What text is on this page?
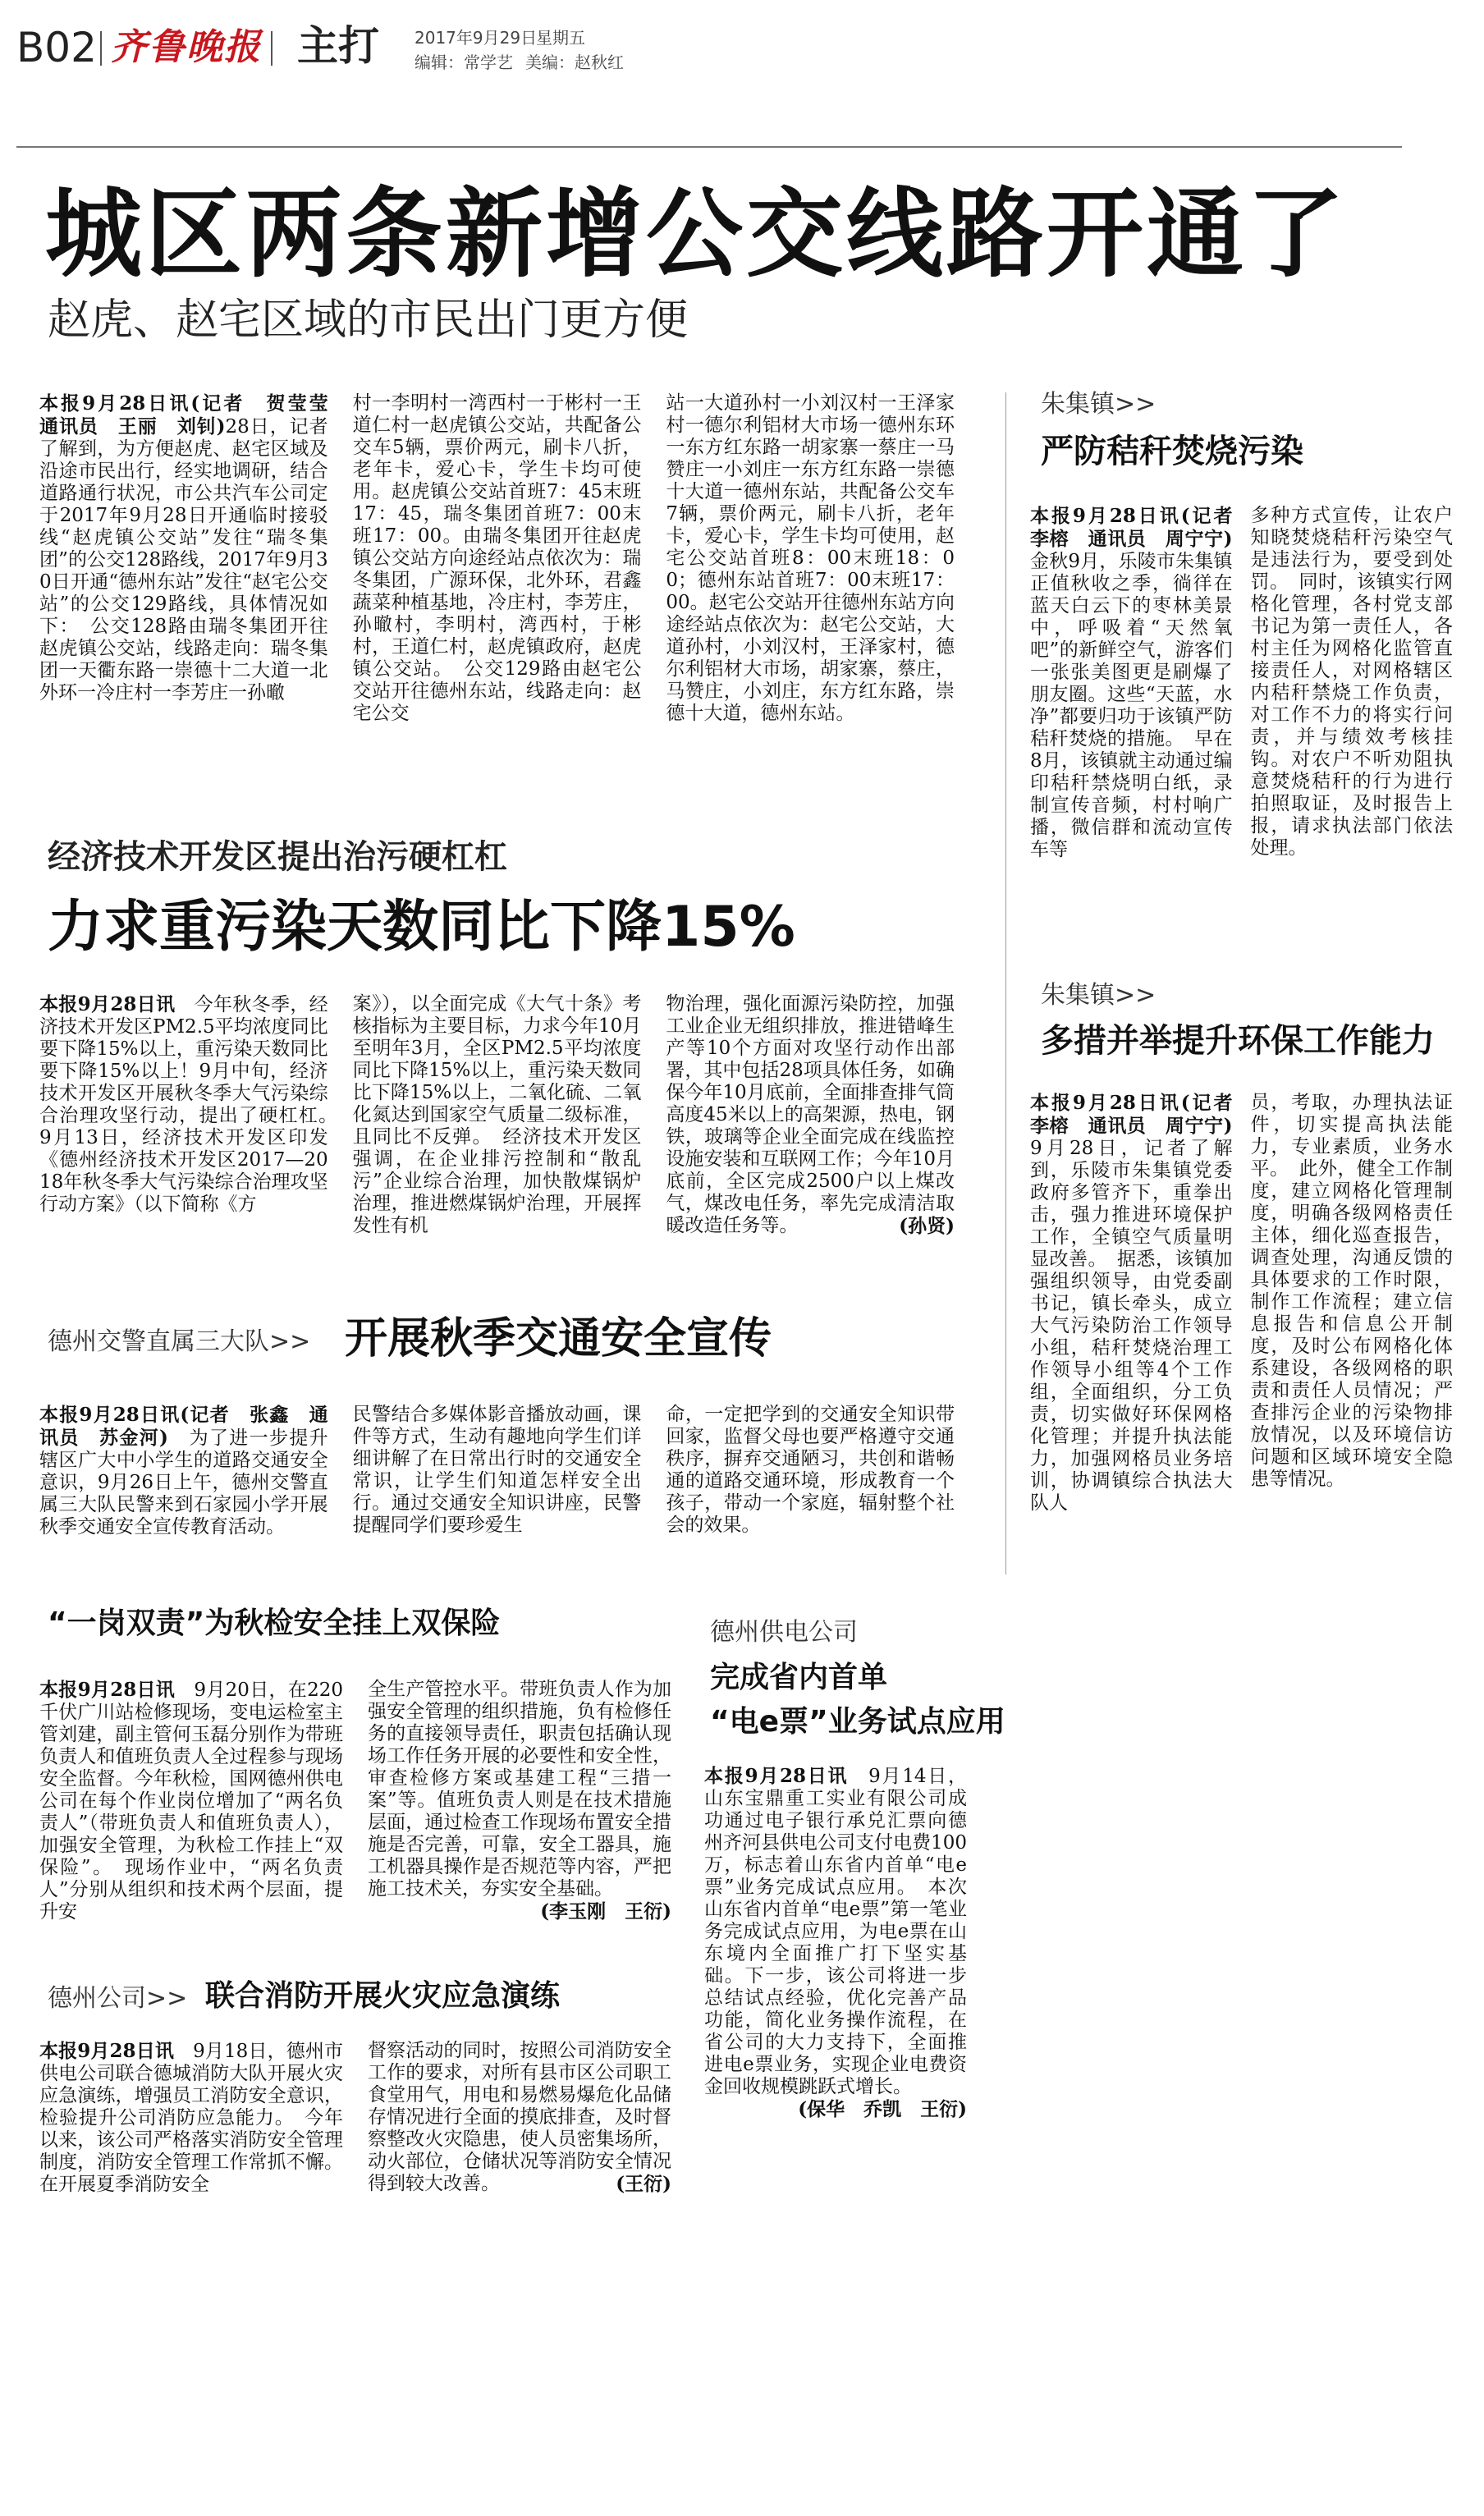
B02 齐鲁晚报 主打 2017年9月29日
星期五
编辑：常学艺 美编：赵秋红
城区两条新增公交线路开通了
赵虎、赵宅区域的市民出门更方便
本报9月28日讯(记者　贺莹莹　通讯员　王丽　刘钊)28日，记者了解到，为方便赵虎、赵宅区域及沿途市民出行，经实地调研，结合道路通行状况，市公共汽车公司定于2017年9月28日开通临时接驳线“赵虎镇公交站”发往“瑞冬集团”的公交128路线，2017年9月30日开通“德州东站”发往“赵宅公交站”的公交129路线，具体情况如下：　公交128路由瑞冬集团开往赵虎镇公交站，线路走向：瑞冬集团一天衢东路一崇德十二大道一北外环一冷庄村一李芳庄一孙㬚
村一李明村一湾西村一于彬村一王道仁村一赵虎镇公交站，共配备公交车5辆，票价两元，刷卡八折，老年卡，爱心卡，学生卡均可使用。赵虎镇公交站首班7：45末班17：45，瑞冬集团首班7：00末班17：00。由瑞冬集团开往赵虎镇公交站方向途经站点依次为：瑞冬集团，广源环保，北外环，君鑫蔬菜种植基地，冷庄村，李芳庄，孙㬚村，李明村，湾西村，于彬村，王道仁村，赵虎镇政府，赵虎镇公交站。　公交129路由赵宅公交站开往德州东站，线路走向：赵宅公交
站一大道孙村一小刘汉村一王泽家村一德尔利铝材大市场一德州东环一东方红东路一胡家寨一蔡庄一马赞庄一小刘庄一东方红东路一崇德十大道一德州东站，共配备公交车7辆，票价两元，刷卡八折，老年卡，爱心卡，学生卡均可使用，赵宅公交站首班8：00末班18：00；德州东站首班7：00末班17：00。赵宅公交站开往德州东站方向途经站点依次为：赵宅公交站，大道孙村，小刘汉村，王泽家村，德尔利铝材大市场，胡家寨，蔡庄，马赞庄，小刘庄，东方红东路，崇德十大道，德州东站。
经济技术开发区提出治污硬杠杠
力求重污染天数同比下降15%
本报9月28日讯　 今年秋冬季，经济技术开发区PM2.5平均浓度同比要下降15%以上，重污染天数同比要下降15%以上！9月中旬，经济技术开发区开展秋冬季大气污染综合治理攻坚行动，提出了硬杠杠。　9月13日，经济技术开发区印发《德州经济技术开发区2017—2018年秋冬季大气污染综合治理攻坚行动方案》（以下简称《方
案》），以全面完成《大气十条》考核指标为主要目标，力求今年10月至明年3月，全区PM2.5平均浓度同比下降15%以上，重污染天数同比下降15%以上，二氧化硫、二氧化氮达到国家空气质量二级标准，且同比不反弹。　经济技术开发区强调，在企业排污控制和“散乱污”企业综合治理，加快散煤锅炉治理，推进燃煤锅炉治理，开展挥发性有机
物治理，强化面源污染防控，加强工业企业无组织排放，推进错峰生产等10个方面对攻坚行动作出部署，其中包括28项具体任务，如确保今年10月底前，全面排查排气筒高度45米以上的高架源，热电，钢铁，玻璃等企业全面完成在线监控设施安装和互联网工作；今年10月底前，全区完成2500户以上煤改气，煤改电任务，率先完成清洁取暖改造任务等。	(孙贤)
德州交警直属三大队>> 开展秋季交通安全宣传
本报9月28日讯(记者　张鑫　通讯员　苏金河)　 为了进一步提升辖区广大中小学生的道路交通安全意识，9月26日上午，德州交警直属三大队民警来到石家园小学开展秋季交通安全宣传教育活动。
民警结合多媒体影音播放动画，课件等方式，生动有趣地向学生们详细讲解了在日常出行时的交通安全常识，让学生们知道怎样安全出行。通过交通安全知识讲座，民警提醒同学们要珍爱生
命，一定把学到的交通安全知识带回家，监督父母也要严格遵守交通秩序，摒弃交通陋习，共创和谐畅通的道路交通环境，形成教育一个孩子，带动一个家庭，辐射整个社会的效果。
“一岗双责”为秋检安全挂上双保险
本报9月28日讯　 9月20日，在220千伏广川站检修现场，变电运检室主管刘建，副主管何玉磊分别作为带班负责人和值班负责人全过程参与现场安全监督。今年秋检，国网德州供电公司在每个作业岗位增加了“两名负责人”（带班负责人和值班负责人），加强安全管理，为秋检工作挂上“双保险”。　现场作业中，“两名负责人”分别从组织和技术两个层面，提升安
全生产管控水平。带班负责人作为加强安全管理的组织措施，负有检修任务的直接领导责任，职责包括确认现场工作任务开展的必要性和安全性，审查检修方案或基建工程“三措一案”等。值班负责人则是在技术措施层面，通过检查工作现场布置安全措施是否完善，可靠，安全工器具，施工机器具操作是否规范等内容，严把施工技术关，夯实安全基础。
(李玉刚　王衍)
德州公司>> 联合消防开展火灾应急演练
本报9月28日讯　 9月18日，德州市供电公司联合德城消防大队开展火灾应急演练，增强员工消防安全意识，检验提升公司消防应急能力。　今年以来，该公司严格落实消防安全管理制度，消防安全管理工作常抓不懈。在开展夏季消防安全
督察活动的同时，按照公司消防安全工作的要求，对所有县市区公司职工食堂用气，用电和易燃易爆危化品储存情况进行全面的摸底排查，及时督察整改火灾隐患，使人员密集场所，动火部位，仓储状况等消防安全情况得到较大改善。	(王衍)
德州供电公司
完成省内首单
“电e票”业务试点应用
本报9月28日讯　 9月14日，山东宝鼎重工实业有限公司成功通过电子银行承兑汇票向德州齐河县供电公司支付电费100万，标志着山东省内首单“电e票”业务完成试点应用。　本次山东省内首单“电e票”第一笔业务完成试点应用，为电e票在山东境内全面推广打下坚实基础。下一步，该公司将进一步总结试点经验，优化完善产品功能，简化业务操作流程，在省公司的大力支持下，全面推进电e票业务，实现企业电费资金回收规模跳跃式增长。
(保华　乔凯　王衍)
朱集镇>>
严防秸秆焚烧污染
本报9月28日讯(记者　李榕　通讯员　周宁宁)　金秋9月，乐陵市朱集镇正值秋收之季，徜徉在蓝天白云下的枣林美景中，呼吸着“天然氧吧”的新鲜空气，游客们一张张美图更是刷爆了朋友圈。这些“天蓝，水净”都要归功于该镇严防秸秆焚烧的措施。　早在8月，该镇就主动通过编印秸秆禁烧明白纸，录制宣传音频，村村响广播，微信群和流动宣传车等
多种方式宣传，让农户知晓焚烧秸秆污染空气是违法行为，要受到处罚。　同时，该镇实行网格化管理，各村党支部书记为第一责任人，各村主任为网格化监管直接责任人，对网格辖区内秸秆禁烧工作负责，对工作不力的将实行问责，并与绩效考核挂钩。对农户不听劝阻执意焚烧秸秆的行为进行拍照取证，及时报告上报，请求执法部门依法处理。
朱集镇>>
多措并举提升环保工作能力
本报9月28日讯(记者　李榕　通讯员　周宁宁)　9月28日，记者了解到，乐陵市朱集镇党委政府多管齐下，重拳出击，强力推进环境保护工作，全镇空气质量明显改善。　据悉，该镇加强组织领导，由党委副书记，镇长牵头，成立大气污染防治工作领导小组，秸秆焚烧治理工作领导小组等4个工作组，全面组织，分工负责，切实做好环保网格化管理；并提升执法能力，加强网格员业务培训，协调镇综合执法大队人
员，考取，办理执法证件，切实提高执法能力，专业素质，业务水平。　此外，健全工作制度，建立网格化管理制度，明确各级网格责任主体，细化巡查报告，调查处理，沟通反馈的具体要求的工作时限，制作工作流程；建立信息报告和信息公开制度，及时公布网格化体系建设，各级网格的职责和责任人员情况；严查排污企业的污染物排放情况，以及环境信访问题和区域环境安全隐患等情况。
